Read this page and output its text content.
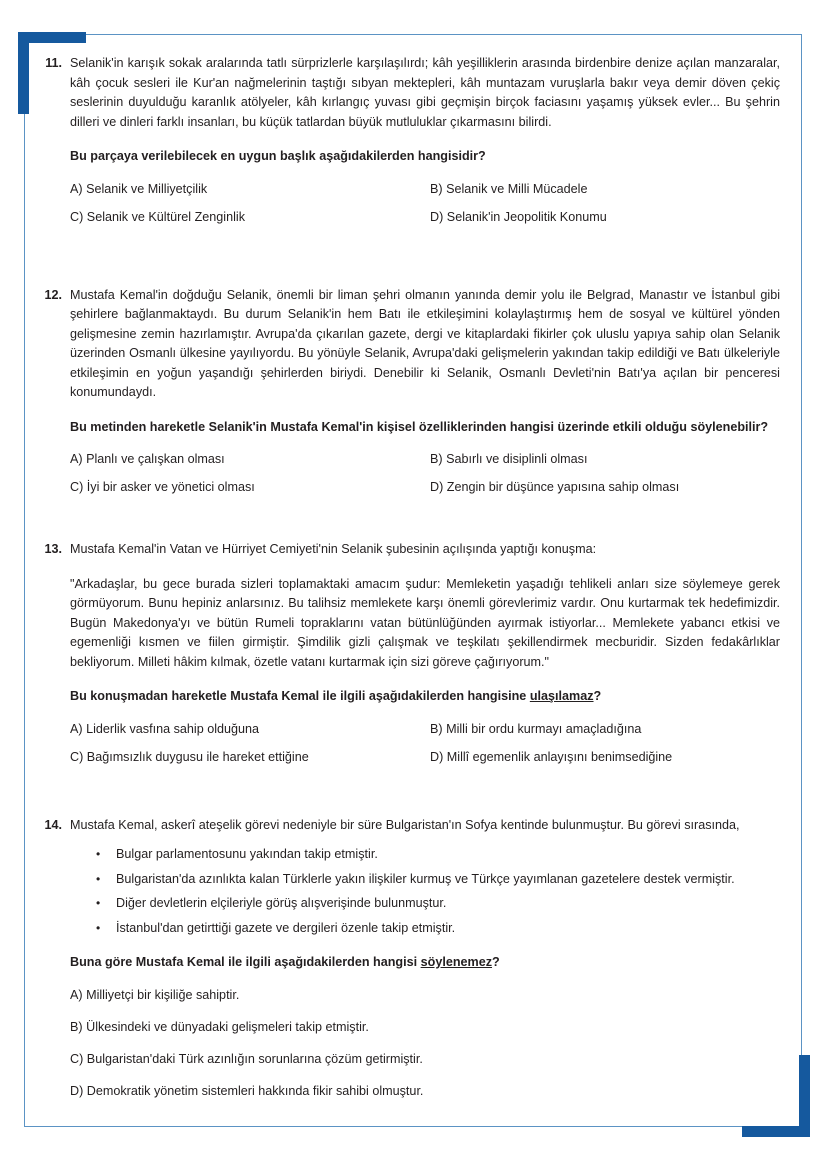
11. Selanik'in karışık sokak aralarında tatlı sürprizlerle karşılaşılırdı; kâh yeşilliklerin arasında birdenbire denize açılan manzaralar, kâh çocuk sesleri ile Kur'an nağmelerinin taştığı sıbyan mektepleri, kâh muntazam vuruşlarla bakır veya demir döven çekiç seslerinin duyulduğu karanlık atölyeler, kâh kırlangıç yuvası gibi geçmişin birçok faciasını yaşamış yüksek evler... Bu şehrin dilleri ve dinleri farklı insanları, bu küçük tatlardan büyük mutluluklar çıkarmasını bilirdi.

Bu parçaya verilebilecek en uygun başlık aşağıdakilerden hangisidir?

A) Selanik ve Milliyetçilik	B) Selanik ve Milli Mücadele
C) Selanik ve Kültürel Zenginlik	D) Selanik'in Jeopolitik Konumu
12. Mustafa Kemal'in doğduğu Selanik, önemli bir liman şehri olmanın yanında demir yolu ile Belgrad, Manastır ve İstanbul gibi şehirlere bağlanmaktaydı. Bu durum Selanik'in hem Batı ile etkileşimini kolaylaştırmış hem de sosyal ve kültürel yönden gelişmesine zemin hazırlamıştır. Avrupa'da çıkarılan gazete, dergi ve kitaplardaki fikirler çok uluslu yapıya sahip olan Selanik üzerinden Osmanlı ülkesine yayılıyordu. Bu yönüyle Selanik, Avrupa'daki gelişmelerin yakından takip edildiği ve Batı ülkeleriyle etkileşimin en yoğun yaşandığı şehirlerden biriydi. Denebilir ki Selanik, Osmanlı Devleti'nin Batı'ya açılan bir penceresi konumundaydı.

Bu metinden hareketle Selanik'in Mustafa Kemal'in kişisel özelliklerinden hangisi üzerinde etkili olduğu söylenebilir?

A) Planlı ve çalışkan olması	B) Sabırlı ve disiplinli olması
C) İyi bir asker ve yönetici olması	D) Zengin bir düşünce yapısına sahip olması
13. Mustafa Kemal'in Vatan ve Hürriyet Cemiyeti'nin Selanik şubesinin açılışında yaptığı konuşma:

"Arkadaşlar, bu gece burada sizleri toplamaktaki amacım şudur: Memleketin yaşadığı tehlikeli anları size söylemeye gerek görmüyorum. Bunu hepiniz anlarsınız. Bu talihsiz memlekete karşı önemli görevlerimiz vardır. Onu kurtarmak tek hedefimizdir. Bugün Makedonya'yı ve bütün Rumeli topraklarını vatan bütünlüğünden ayırmak istiyorlar... Memlekete yabancı etkisi ve egemenliği kısmen ve fiilen girmiştir. Şimdilik gizli çalışmak ve teşkilatı şekillendirmek mecburidir. Sizden fedakârlıklar bekliyorum. Milleti hâkim kılmak, özetle vatanı kurtarmak için sizi göreve çağırıyorum."

Bu konuşmadan hareketle Mustafa Kemal ile ilgili aşağıdakilerden hangisine ulaşılamaz?

A) Liderlik vasfına sahip olduğuna	B) Milli bir ordu kurmayı amaçladığına
C) Bağımsızlık duygusu ile hareket ettiğine	D) Millî egemenlik anlayışını benimsediğine
14. Mustafa Kemal, askerî ateşelik görevi nedeniyle bir süre Bulgaristan'ın Sofya kentinde bulunmuştur. Bu görevi sırasında,

• Bulgar parlamentosunu yakından takip etmiştir.
• Bulgaristan'da azınlıkta kalan Türklerle yakın ilişkiler kurmuş ve Türkçe yayımlanan gazetelere destek vermiştir.
• Diğer devletlerin elçileriyle görüş alışverişinde bulunmuştur.
• İstanbul'dan getirttiği gazete ve dergileri özenle takip etmiştir.

Buna göre Mustafa Kemal ile ilgili aşağıdakilerden hangisi söylenemez?

A) Milliyetçi bir kişiliğe sahiptir.
B) Ülkesindeki ve dünyadaki gelişmeleri takip etmiştir.
C) Bulgaristan'daki Türk azınlığın sorunlarına çözüm getirmiştir.
D) Demokratik yönetim sistemleri hakkında fikir sahibi olmuştur.
